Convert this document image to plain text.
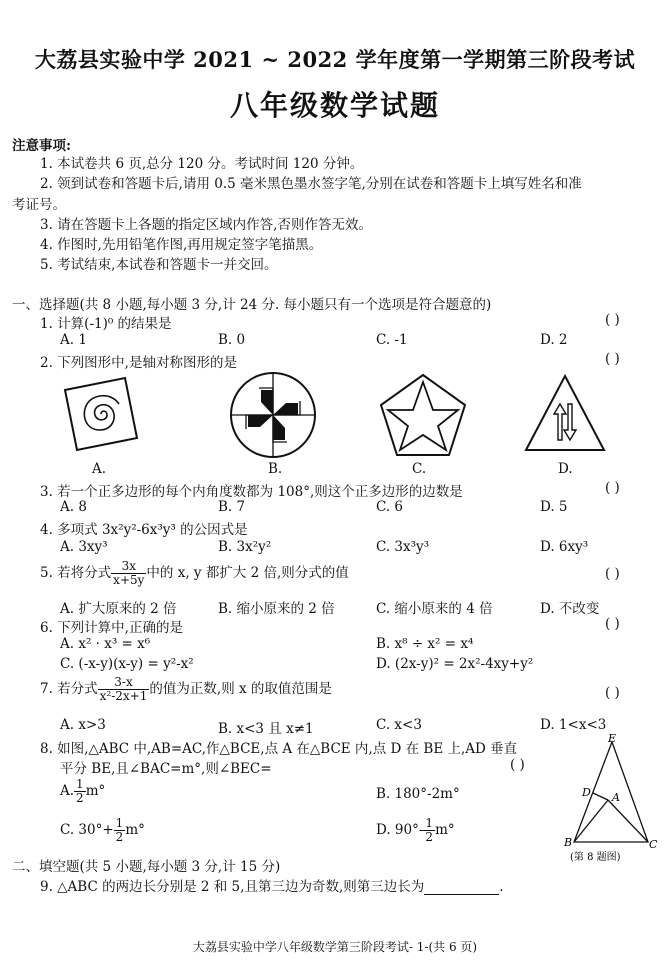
大荔县实验中学 2021 ~ 2022 学年度第一学期第三阶段考试
八年级数学试题
注意事项:
1. 本试卷共 6 页,总分 120 分。考试时间 120 分钟。
2. 领到试卷和答题卡后,请用 0.5 毫米黑色墨水签字笔,分别在试卷和答题卡上填写姓名和准
考证号。
3. 请在答题卡上各题的指定区域内作答,否则作答无效。
4. 作图时,先用铅笔作图,再用规定签字笔描黑。
5. 考试结束,本试卷和答题卡一并交回。
一、选择题(共 8 小题,每小题 3 分,计 24 分. 每小题只有一个选项是符合题意的)
1. 计算(-1)⁰ 的结果是	( )
A. 1	B. 0	C. -1	D. 2
2. 下列图形中,是轴对称图形的是	( )
A.	B.	C.	D.
3. 若一个正多边形的每个内角度数都为 108°,则这个正多边形的边数是	( )
A. 8	B. 7	C. 6	D. 5
4. 多项式 3x²y²-6x³y³ 的公因式是
A. 3xy³	B. 3x²y²	C. 3x³y³	D. 6xy³
5. 若将分式 $\frac{3x}{x+5y}$ 中的 x, y 都扩大 2 倍,则分式的值	( )
A. 扩大原来的 2 倍	B. 缩小原来的 2 倍	C. 缩小原来的 4 倍	D. 不改变
6. 下列计算中,正确的是	( )
A. x² · x³ = x⁶	B. x⁸ ÷ x² = x⁴
C. (-x-y)(x-y) = y²-x²	D. (2x-y)² = 2x²-4xy+y²
7. 若分式 $\frac{3-x}{\text{x²-2x+1}}$ 的值为正数,则 x 的取值范围是	( )
A. x>3	B. x<3 且 x≠1	C. x<3	D. 1<x<3
8. 如图,△ABC 中,AB=AC,作△BCE,点 A 在△BCE 内,点 D 在 BE 上,AD 垂直
平分 BE,且∠BAC=m°,则∠BEC=	( )
A. $\frac{1}{2} m^\circ$	B. 180°-2m°
C. $30^\circ+ \frac{1}{2} m^\circ$	D. $90^\circ- \frac{1}{2} m^\circ$
E
D A
B	C
(第 8 题图)
二、填空题(共 5 小题,每小题 3 分,计 15 分)
9. △ABC 的两边长分别是 2 和 5,且第三边为奇数,则第三边长为	.
大荔县实验中学八年级数学第三阶段考试- 1-(共 6 页)
